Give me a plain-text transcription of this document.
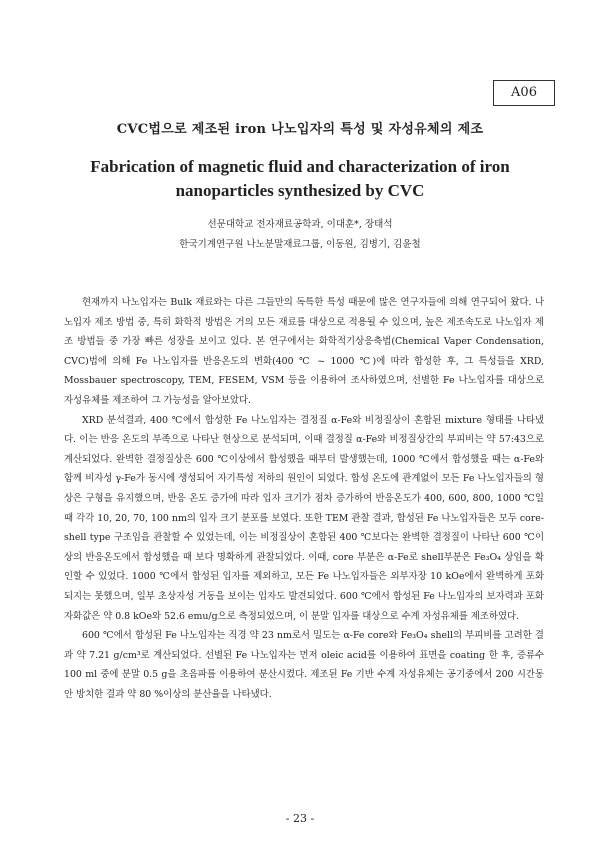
A06
CVC법으로 제조된 iron 나노입자의 특성 및 자성유체의 제조
Fabrication of magnetic fluid and characterization of iron nanoparticles synthesized by CVC
선문대학교 전자재료공학과, 이대훈*, 장태석
한국기계연구원 나노분말재료그룹, 이동원, 김병기, 김윤철

현재까지 나노입자는 Bulk 재료와는 다른 그들만의 독특한 특성 때문에 많은 연구자들에 의해 연구되어 왔다. 나노입자 제조 방법 중, 특히 화학적 방법은 거의 모든 재료를 대상으로 적용될 수 있으며, 높은 제조속도로 나노입자 제조 방법들 중 가장 빠른 성장을 보이고 있다. 본 연구에서는 화학적기상응축법(Chemical Vaper Condensation, CVC)법에 의해 Fe 나노입자를 반응온도의 변화(400 ℃ ~ 1000 ℃)에 따라 합성한 후, 그 특성들을 XRD, Mossbauer spectroscopy, TEM, FESEM, VSM 등을 이용하여 조사하였으며, 선별한 Fe 나노입자를 대상으로 자성유체를 제조하여 그 가능성을 알아보았다.

XRD 분석결과, 400 ℃에서 합성한 Fe 나노입자는 결정질 α-Fe와 비정질상이 혼합된 mixture 형태를 나타냈다. 이는 반응 온도의 부족으로 나타난 현상으로 분석되며, 이때 결정질 α-Fe와 비정질상간의 부피비는 약 57:43으로 계산되었다. 완벽한 결정질상은 600 ℃이상에서 합성했을 때부터 발생했는데, 1000 ℃에서 합성했을 때는 α-Fe와 함께 비자성 γ-Fe가 동시에 생성되어 자기특성 저하의 원인이 되었다. 합성 온도에 관계없이 모든 Fe 나노입자들의 형상은 구형을 유지했으며, 반응 온도 증가에 따라 입자 크기가 점차 증가하여 반응온도가 400, 600, 800, 1000 ℃일 때 각각 10, 20, 70, 100 nm의 입자 크기 분포를 보였다. 또한 TEM 관찰 결과, 합성된 Fe 나노입자들은 모두 core-shell type 구조임을 관찰할 수 있었는데, 이는 비정질상이 혼합된 400 ℃보다는 완벽한 결정질이 나타난 600 ℃이상의 반응온도에서 합성했을 때 보다 명확하게 관찰되었다. 이때, core 부분은 α-Fe로 shell부분은 Fe₃O₄ 상임을 확인할 수 있었다. 1000 ℃에서 합성된 입자를 제외하고, 모든 Fe 나노입자들은 외부자장 10 kOe에서 완벽하게 포화되지는 못했으며, 일부 초상자성 거동을 보이는 입자도 발견되었다. 600 ℃에서 합성된 Fe 나노입자의 보자력과 포화자화값은 약 0.8 kOe와 52.6 emu/g으로 측정되었으며, 이 분말 입자를 대상으로 수계 자성유체를 제조하였다.

600 ℃에서 합성된 Fe 나노입자는 직경 약 23 nm로서 밀도는 α-Fe core와 Fe₃O₄ shell의 부피비를 고려한 결과 약 7.21 g/cm³로 계산되었다. 선별된 Fe 나노입자는 먼저 oleic acid를 이용하여 표면을 coating 한 후, 증류수 100 ml 중에 분말 0.5 g을 초음파를 이용하여 분산시켰다. 제조된 Fe 기반 수계 자성유체는 공기중에서 200 시간동안 방치한 결과 약 80 %이상의 분산율을 나타냈다.

- 23 -
